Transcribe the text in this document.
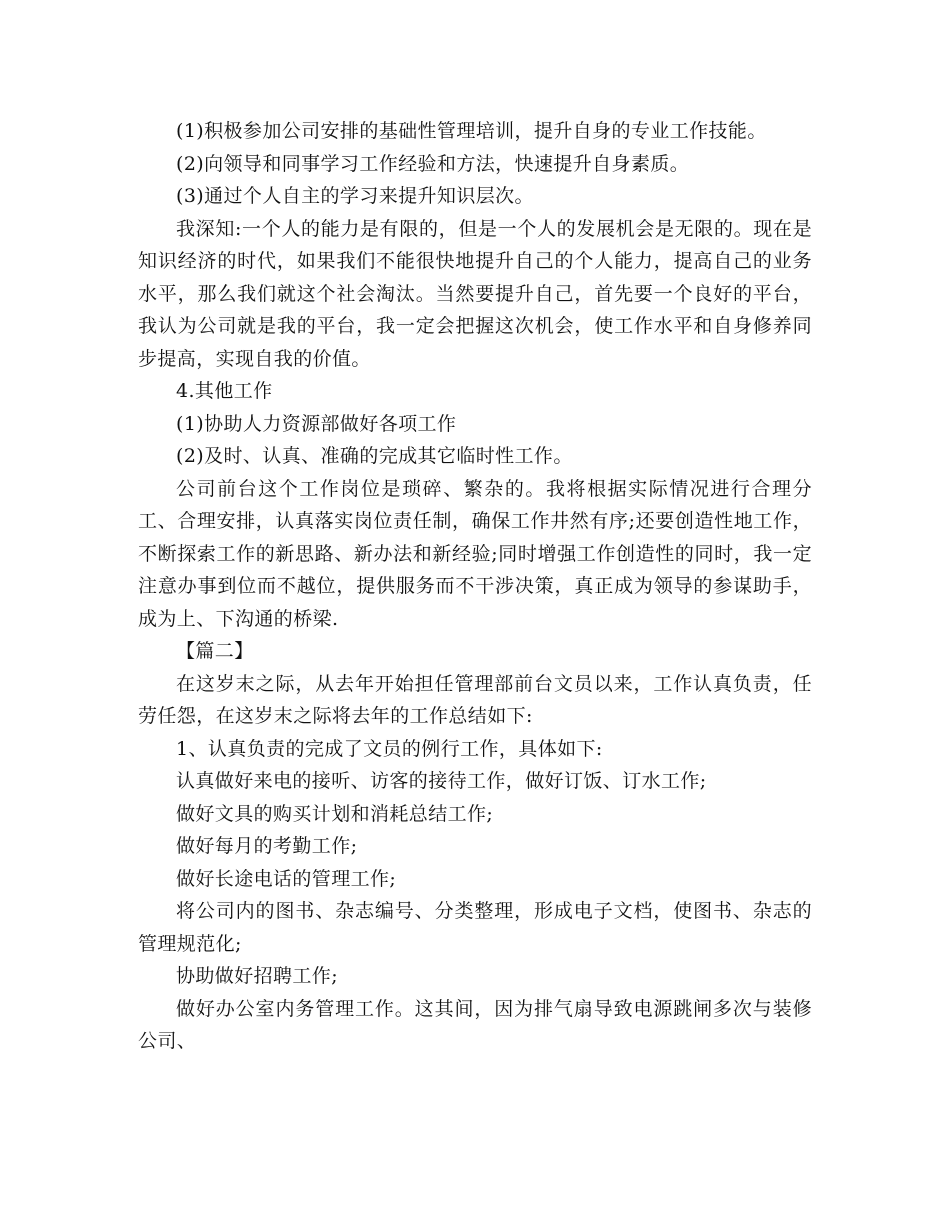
(1)积极参加公司安排的基础性管理培训，提升自身的专业工作技能。

(2)向领导和同事学习工作经验和方法，快速提升自身素质。

(3)通过个人自主的学习来提升知识层次。

我深知:一个人的能力是有限的，但是一个人的发展机会是无限的。现在是知识经济的时代，如果我们不能很快地提升自己的个人能力，提高自己的业务水平，那么我们就这个社会淘汰。当然要提升自己，首先要一个良好的平台，我认为公司就是我的平台，我一定会把握这次机会，使工作水平和自身修养同步提高，实现自我的价值。

4.其他工作

(1)协助人力资源部做好各项工作

(2)及时、认真、准确的完成其它临时性工作。

公司前台这个工作岗位是琐碎、繁杂的。我将根据实际情况进行合理分工、合理安排，认真落实岗位责任制，确保工作井然有序;还要创造性地工作，不断探索工作的新思路、新办法和新经验;同时增强工作创造性的同时，我一定注意办事到位而不越位，提供服务而不干涉决策，真正成为领导的参谋助手，成为上、下沟通的桥梁.

【篇二】

在这岁末之际，从去年开始担任管理部前台文员以来，工作认真负责，任劳任怨，在这岁末之际将去年的工作总结如下:

1、认真负责的完成了文员的例行工作，具体如下:

认真做好来电的接听、访客的接待工作，做好订饭、订水工作;

做好文具的购买计划和消耗总结工作;

做好每月的考勤工作;

做好长途电话的管理工作;

将公司内的图书、杂志编号、分类整理，形成电子文档，使图书、杂志的管理规范化;

协助做好招聘工作;

做好办公室内务管理工作。这其间，因为排气扇导致电源跳闸多次与装修公司、
